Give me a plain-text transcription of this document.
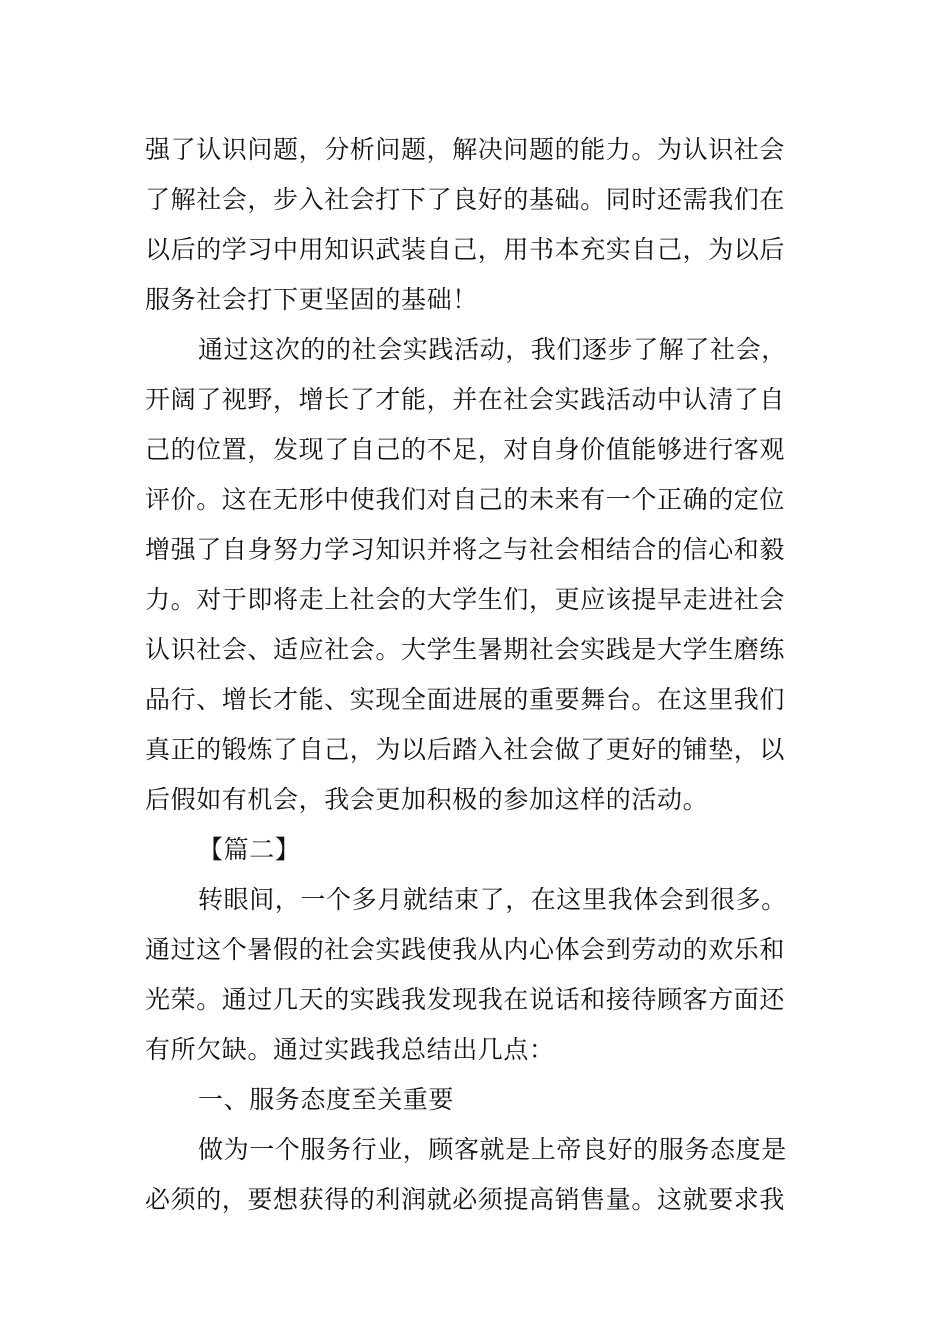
强了认识问题，分析问题，解决问题的能力。为认识社会
了解社会，步入社会打下了良好的基础。同时还需我们在
以后的学习中用知识武装自己，用书本充实自己，为以后
服务社会打下更坚固的基础！
通过这次的的社会实践活动，我们逐步了解了社会，
开阔了视野，增长了才能，并在社会实践活动中认清了自
己的位置，发现了自己的不足，对自身价值能够进行客观
评价。这在无形中使我们对自己的未来有一个正确的定位
增强了自身努力学习知识并将之与社会相结合的信心和毅
力。对于即将走上社会的大学生们，更应该提早走进社会
认识社会、适应社会。大学生暑期社会实践是大学生磨练
品行、增长才能、实现全面进展的重要舞台。在这里我们
真正的锻炼了自己，为以后踏入社会做了更好的铺垫，以
后假如有机会，我会更加积极的参加这样的活动。
【篇二】
转眼间，一个多月就结束了，在这里我体会到很多。
通过这个暑假的社会实践使我从内心体会到劳动的欢乐和
光荣。通过几天的实践我发现我在说话和接待顾客方面还
有所欠缺。通过实践我总结出几点：
一、服务态度至关重要
做为一个服务行业，顾客就是上帝良好的服务态度是
必须的，要想获得的利润就必须提高销售量。这就要求我
